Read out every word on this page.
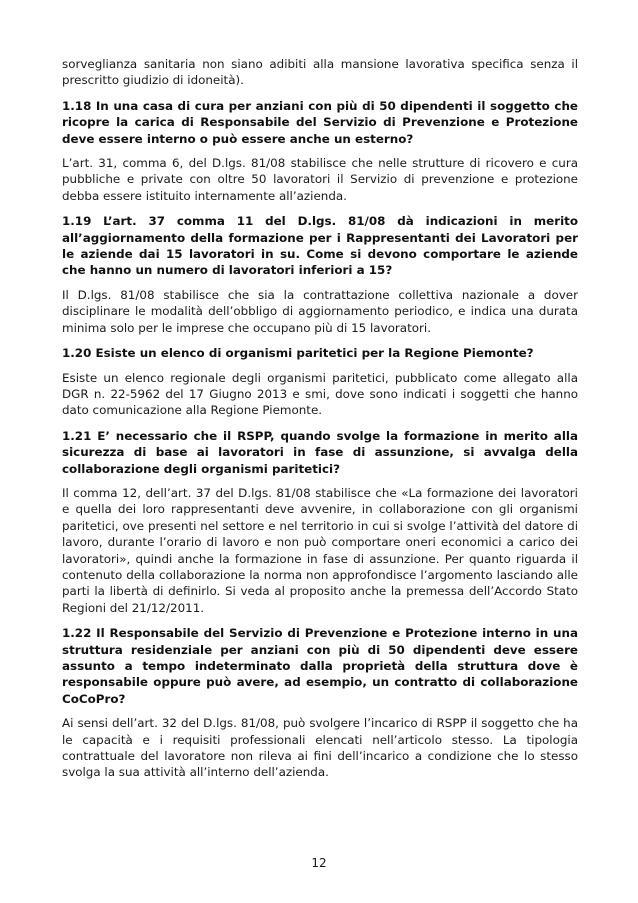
sorveglianza sanitaria non siano adibiti alla mansione lavorativa specifica senza il prescritto giudizio di idoneità).

1.18 In una casa di cura per anziani con più di 50 dipendenti il soggetto che ricopre la carica di Responsabile del Servizio di Prevenzione e Protezione deve essere interno o può essere anche un esterno?

L’art. 31, comma 6, del D.lgs. 81/08 stabilisce che nelle strutture di ricovero e cura pubbliche e private con oltre 50 lavoratori il Servizio di prevenzione e protezione debba essere istituito internamente all’azienda.

1.19 L’art. 37 comma 11 del D.lgs. 81/08 dà indicazioni in merito all’aggiornamento della formazione per i Rappresentanti dei Lavoratori per le aziende dai 15 lavoratori in su. Come si devono comportare le aziende che hanno un numero di lavoratori inferiori a 15?

Il D.lgs. 81/08 stabilisce che sia la contrattazione collettiva nazionale a dover disciplinare le modalità dell’obbligo di aggiornamento periodico, e indica una durata minima solo per le imprese che occupano più di 15 lavoratori.

1.20 Esiste un elenco di organismi paritetici per la Regione Piemonte?

Esiste un elenco regionale degli organismi paritetici, pubblicato come allegato alla DGR n. 22-5962 del 17 Giugno 2013 e smi, dove sono indicati i soggetti che hanno dato comunicazione alla Regione Piemonte.

1.21 E’ necessario che il RSPP, quando svolge la formazione in merito alla sicurezza di base ai lavoratori in fase di assunzione, si avvalga della collaborazione degli organismi paritetici?

Il comma 12, dell’art. 37 del D.lgs. 81/08 stabilisce che «La formazione dei lavoratori e quella dei loro rappresentanti deve avvenire, in collaborazione con gli organismi paritetici, ove presenti nel settore e nel territorio in cui si svolge l’attività del datore di lavoro, durante l’orario di lavoro e non può comportare oneri economici a carico dei lavoratori», quindi anche la formazione in fase di assunzione. Per quanto riguarda il contenuto della collaborazione la norma non approfondisce l’argomento lasciando alle parti la libertà di definirlo. Si veda al proposito anche la premessa dell’Accordo Stato Regioni del 21/12/2011.

1.22 Il Responsabile del Servizio di Prevenzione e Protezione interno in una struttura residenziale per anziani con più di 50 dipendenti deve essere assunto a tempo indeterminato dalla proprietà della struttura dove è responsabile oppure può avere, ad esempio, un contratto di collaborazione CoCoPro?

Ai sensi dell’art. 32 del D.lgs. 81/08, può svolgere l’incarico di RSPP il soggetto che ha le capacità e i requisiti professionali elencati nell’articolo stesso. La tipologia contrattuale del lavoratore non rileva ai fini dell’incarico a condizione che lo stesso svolga la sua attività all’interno dell’azienda.

12
